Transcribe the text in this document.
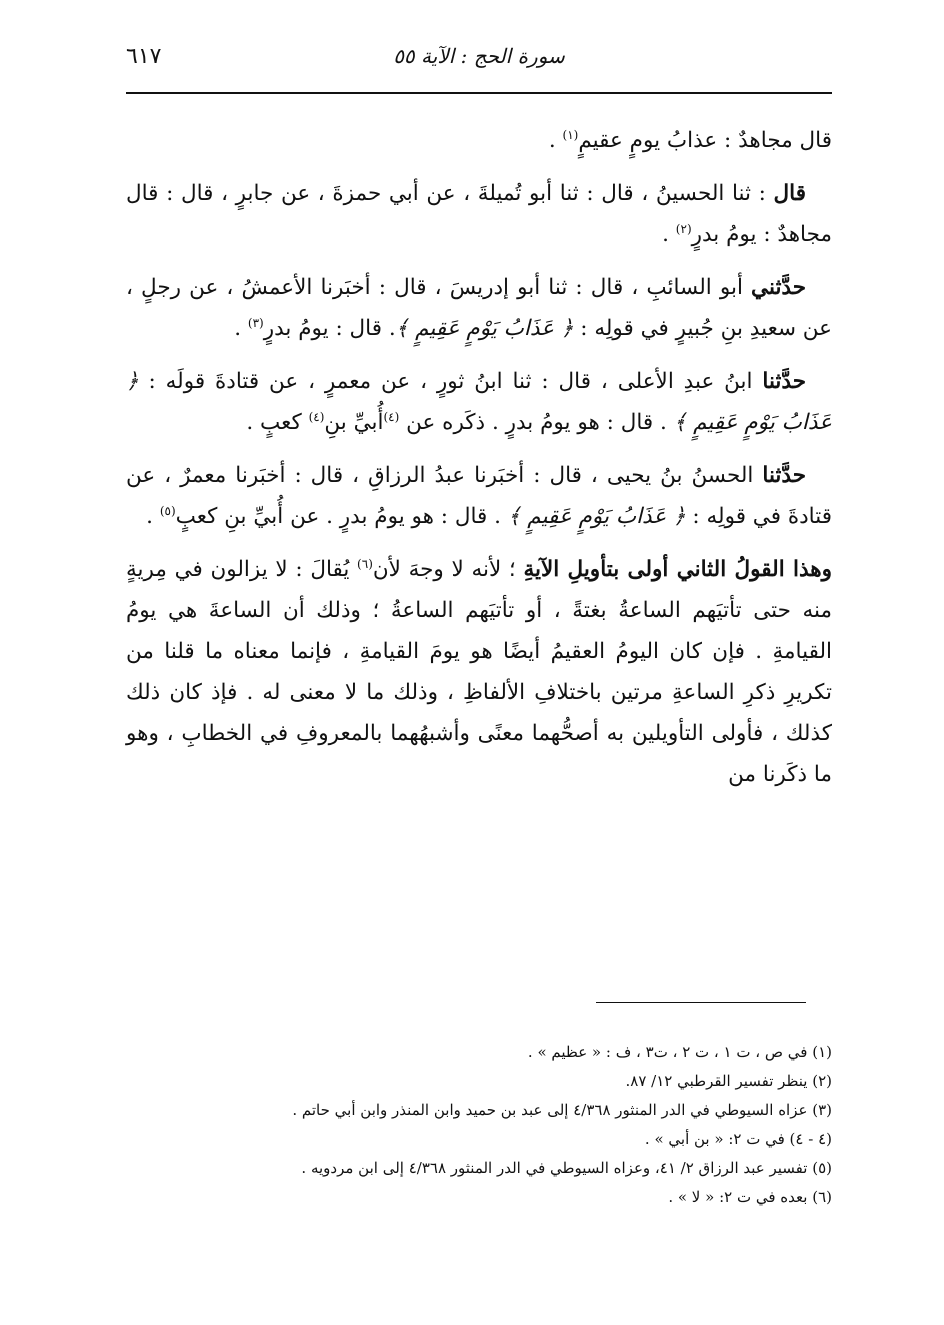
سورة الحج : الآية ٥٥
٦١٧

قال مجاهدٌ : عذابُ يومٍ عقيمٍ$^{(١)}$ .

قال : ثنا الحسينُ ، قال : ثنا أبو تُميلةَ ، عن أبي حمزةَ ، عن جابرٍ ، قال : قال مجاهدٌ : يومُ بدرٍ$^{(٢)}$ .

حدَّثني أبو السائبِ ، قال : ثنا أبو إدريسَ ، قال : أخبَرنا الأعمشُ ، عن رجلٍ ، عن سعيدِ بنِ جُبيرٍ في قولِه : ﴿ عَذَابُ يَوْمٍ عَقِيمٍ ﴾. قال : يومُ بدرٍ$^{(٣)}$ .

حدَّثنا ابنُ عبدِ الأعلى ، قال : ثنا ابنُ ثورٍ ، عن معمرٍ ، عن قتادةَ قولَه : ﴿ عَذَابُ يَوْمٍ عَقِيمٍ ﴾ . قال : هو يومُ بدرٍ . ذكَره عن $^{(٤)}$أُبيِّ بنِ$^{(٤)}$ كعبٍ .

حدَّثنا الحسنُ بنُ يحيى ، قال : أخبَرنا عبدُ الرزاقِ ، قال : أخبَرنا معمرٌ ، عن قتادةَ في قولِه : ﴿ عَذَابُ يَوْمٍ عَقِيمٍ ﴾ . قال : هو يومُ بدرٍ . عن أُبيِّ بنِ كعبٍ$^{(٥)}$ .

وهذا القولُ الثاني أولى بتأويلِ الآيةِ ؛ لأنه لا وجهَ لأن$^{(٦)}$ يُقالَ : لا يزالون في مِريةٍ منه حتى تأتيَهم الساعةُ بغتةً ، أو تأتيَهم الساعةُ ؛ وذلك أن الساعةَ هي يومُ القيامةِ . فإن كان اليومُ العقيمُ أيضًا هو يومَ القيامةِ ، فإنما معناه ما قلنا من تكريرِ ذكرِ الساعةِ مرتين باختلافِ الألفاظِ ، وذلك ما لا معنى له . فإذ كان ذلك كذلك ، فأولى التأويلين به أصحُّهما معنًى وأشبهُهما بالمعروفِ في الخطابِ ، وهو ما ذكَرنا من

(١) في ص ، ت ١ ، ت ٢ ، ت٣ ، ف : « عظيم » .

(٢) ينظر تفسير القرطبي ١٢/ ٨٧.

(٣) عزاه السيوطي في الدر المنثور ٤/٣٦٨ إلى عبد بن حميد وابن المنذر وابن أبي حاتم .

(٤ - ٤) في ت ٢: « بن أبي » .

(٥) تفسير عبد الرزاق ٢/ ٤١، وعزاه السيوطي في الدر المنثور ٤/٣٦٨ إلى ابن مردويه .

(٦) بعده في ت ٢: « لا » .
